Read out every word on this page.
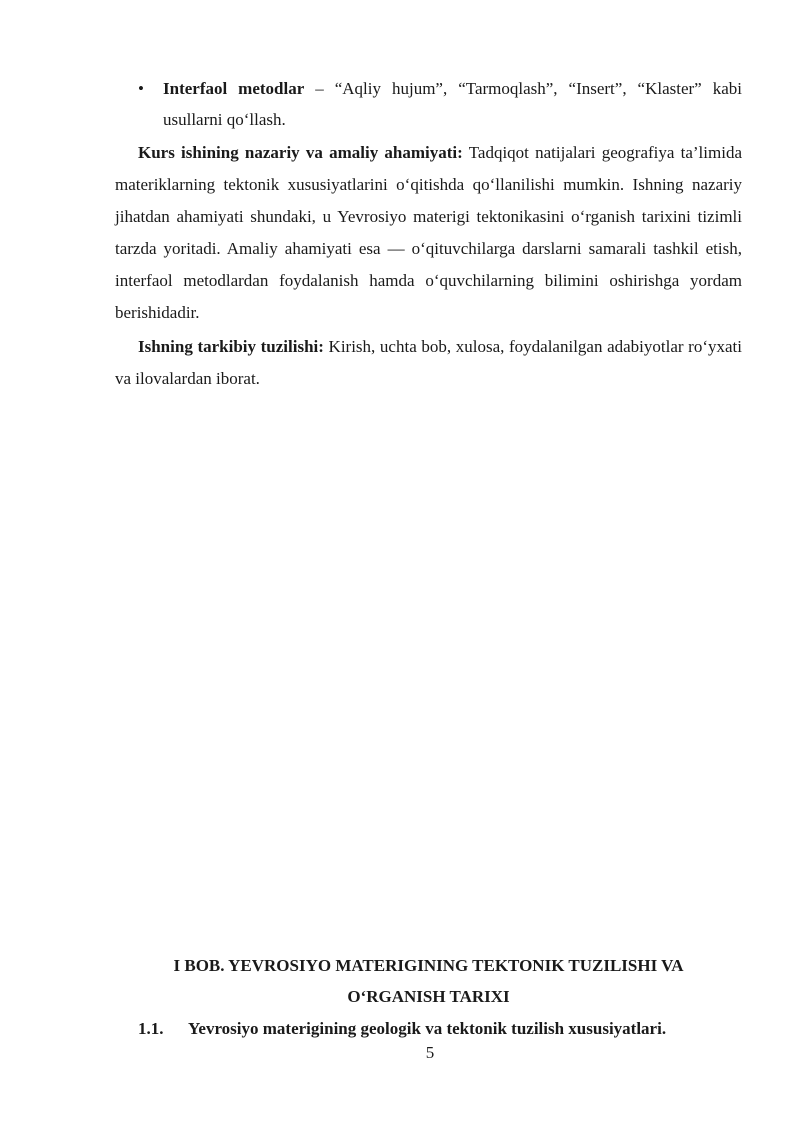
• Interfaol metodlar – “Aqliy hujum”, “Tarmoqlash”, “Insert”, “Klaster” kabi usullarni qo‘llash.

Kurs ishining nazariy va amaliy ahamiyati: Tadqiqot natijalari geografiya ta’limida materiklarning tektonik xususiyatlarini o‘qitishda qo‘llanilishi mumkin. Ishning nazariy jihatdan ahamiyati shundaki, u Yevrosiyo materigi tektonikasini o‘rganish tarixini tizimli tarzda yoritadi. Amaliy ahamiyati esa — o‘qituvchilarga darslarni samarali tashkil etish, interfaol metodlardan foydalanish hamda o‘quvchilarning bilimini oshirishga yordam berishidadir.

Ishning tarkibiy tuzilishi: Kirish, uchta bob, xulosa, foydalanilgan adabiyotlar ro‘yxati va ilovalardan iborat.

I BOB. YEVROSIYO MATERIGINING TEKTONIK TUZILISHI VA
O‘RGANISH TARIXI
1.1. Yevrosiyo materigining geologik va tektonik tuzilish xususiyatlari.
5
